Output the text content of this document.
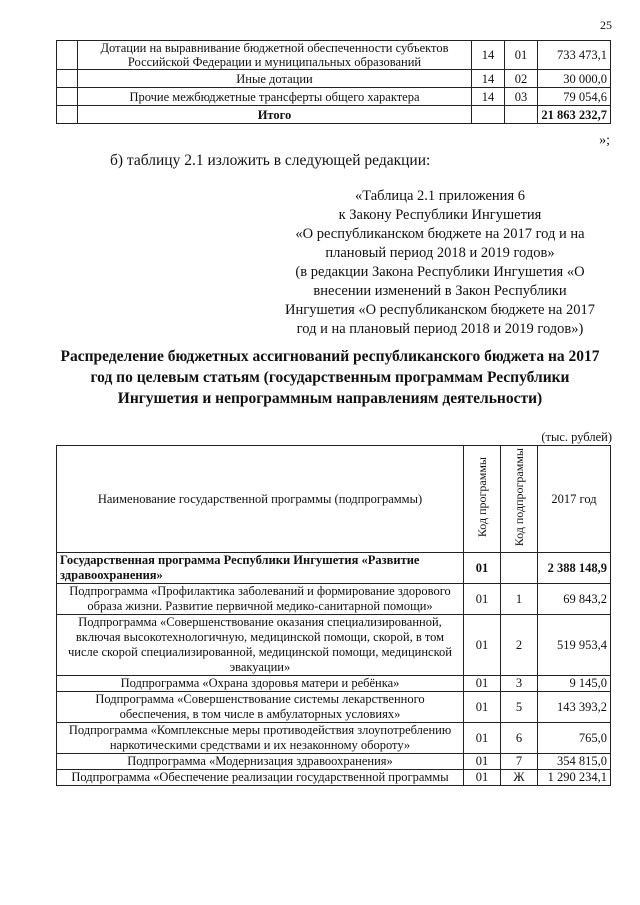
25
	Дотации на выравнивание бюджетной обеспеченности субъектов Российской Федерации и муниципальных образований	14	01	733 473,1
	Иные дотации	14	02	30 000,0
	Прочие межбюджетные трансферты общего характера	14	03	79 054,6
	Итого			21 863 232,7
»;
б) таблицу 2.1 изложить в следующей редакции:
«Таблица 2.1 приложения 6
к Закону Республики Ингушетия
«О республиканском бюджете на 2017 год и на
плановый период 2018 и 2019 годов»
(в редакции Закона Республики Ингушетия «О
внесении изменений в Закон Республики
Ингушетия «О республиканском бюджете на 2017
год и на плановый период 2018 и 2019 годов»)
Распределение бюджетных ассигнований республиканского бюджета на 2017
год по целевым статьям (государственным программам Республики
Ингушетия и непрограммным направлениям деятельности)
(тыс. рублей)
Наименование государственной программы (подпрограммы)	Код программы	Код подпрограммы	2017 год
Государственная программа Республики Ингушетия «Развитие здравоохранения»	01		2 388 148,9
Подпрограмма «Профилактика заболеваний и формирование здорового образа жизни. Развитие первичной медико-санитарной помощи»	01	1	69 843,2
Подпрограмма «Совершенствование оказания специализированной, включая высокотехнологичную, медицинской помощи, скорой, в том числе скорой специализированной, медицинской помощи, медицинской эвакуации»	01	2	519 953,4
Подпрограмма «Охрана здоровья матери и ребёнка»	01	3	9 145,0
Подпрограмма «Совершенствование системы лекарственного обеспечения, в том числе в амбулаторных условиях»	01	5	143 393,2
Подпрограмма «Комплексные меры противодействия злоупотреблению наркотическими средствами и их незаконному обороту»	01	6	765,0
Подпрограмма «Модернизация здравоохранения»	01	7	354 815,0
Подпрограмма «Обеспечение реализации государственной программы	01	Ж	1 290 234,1
